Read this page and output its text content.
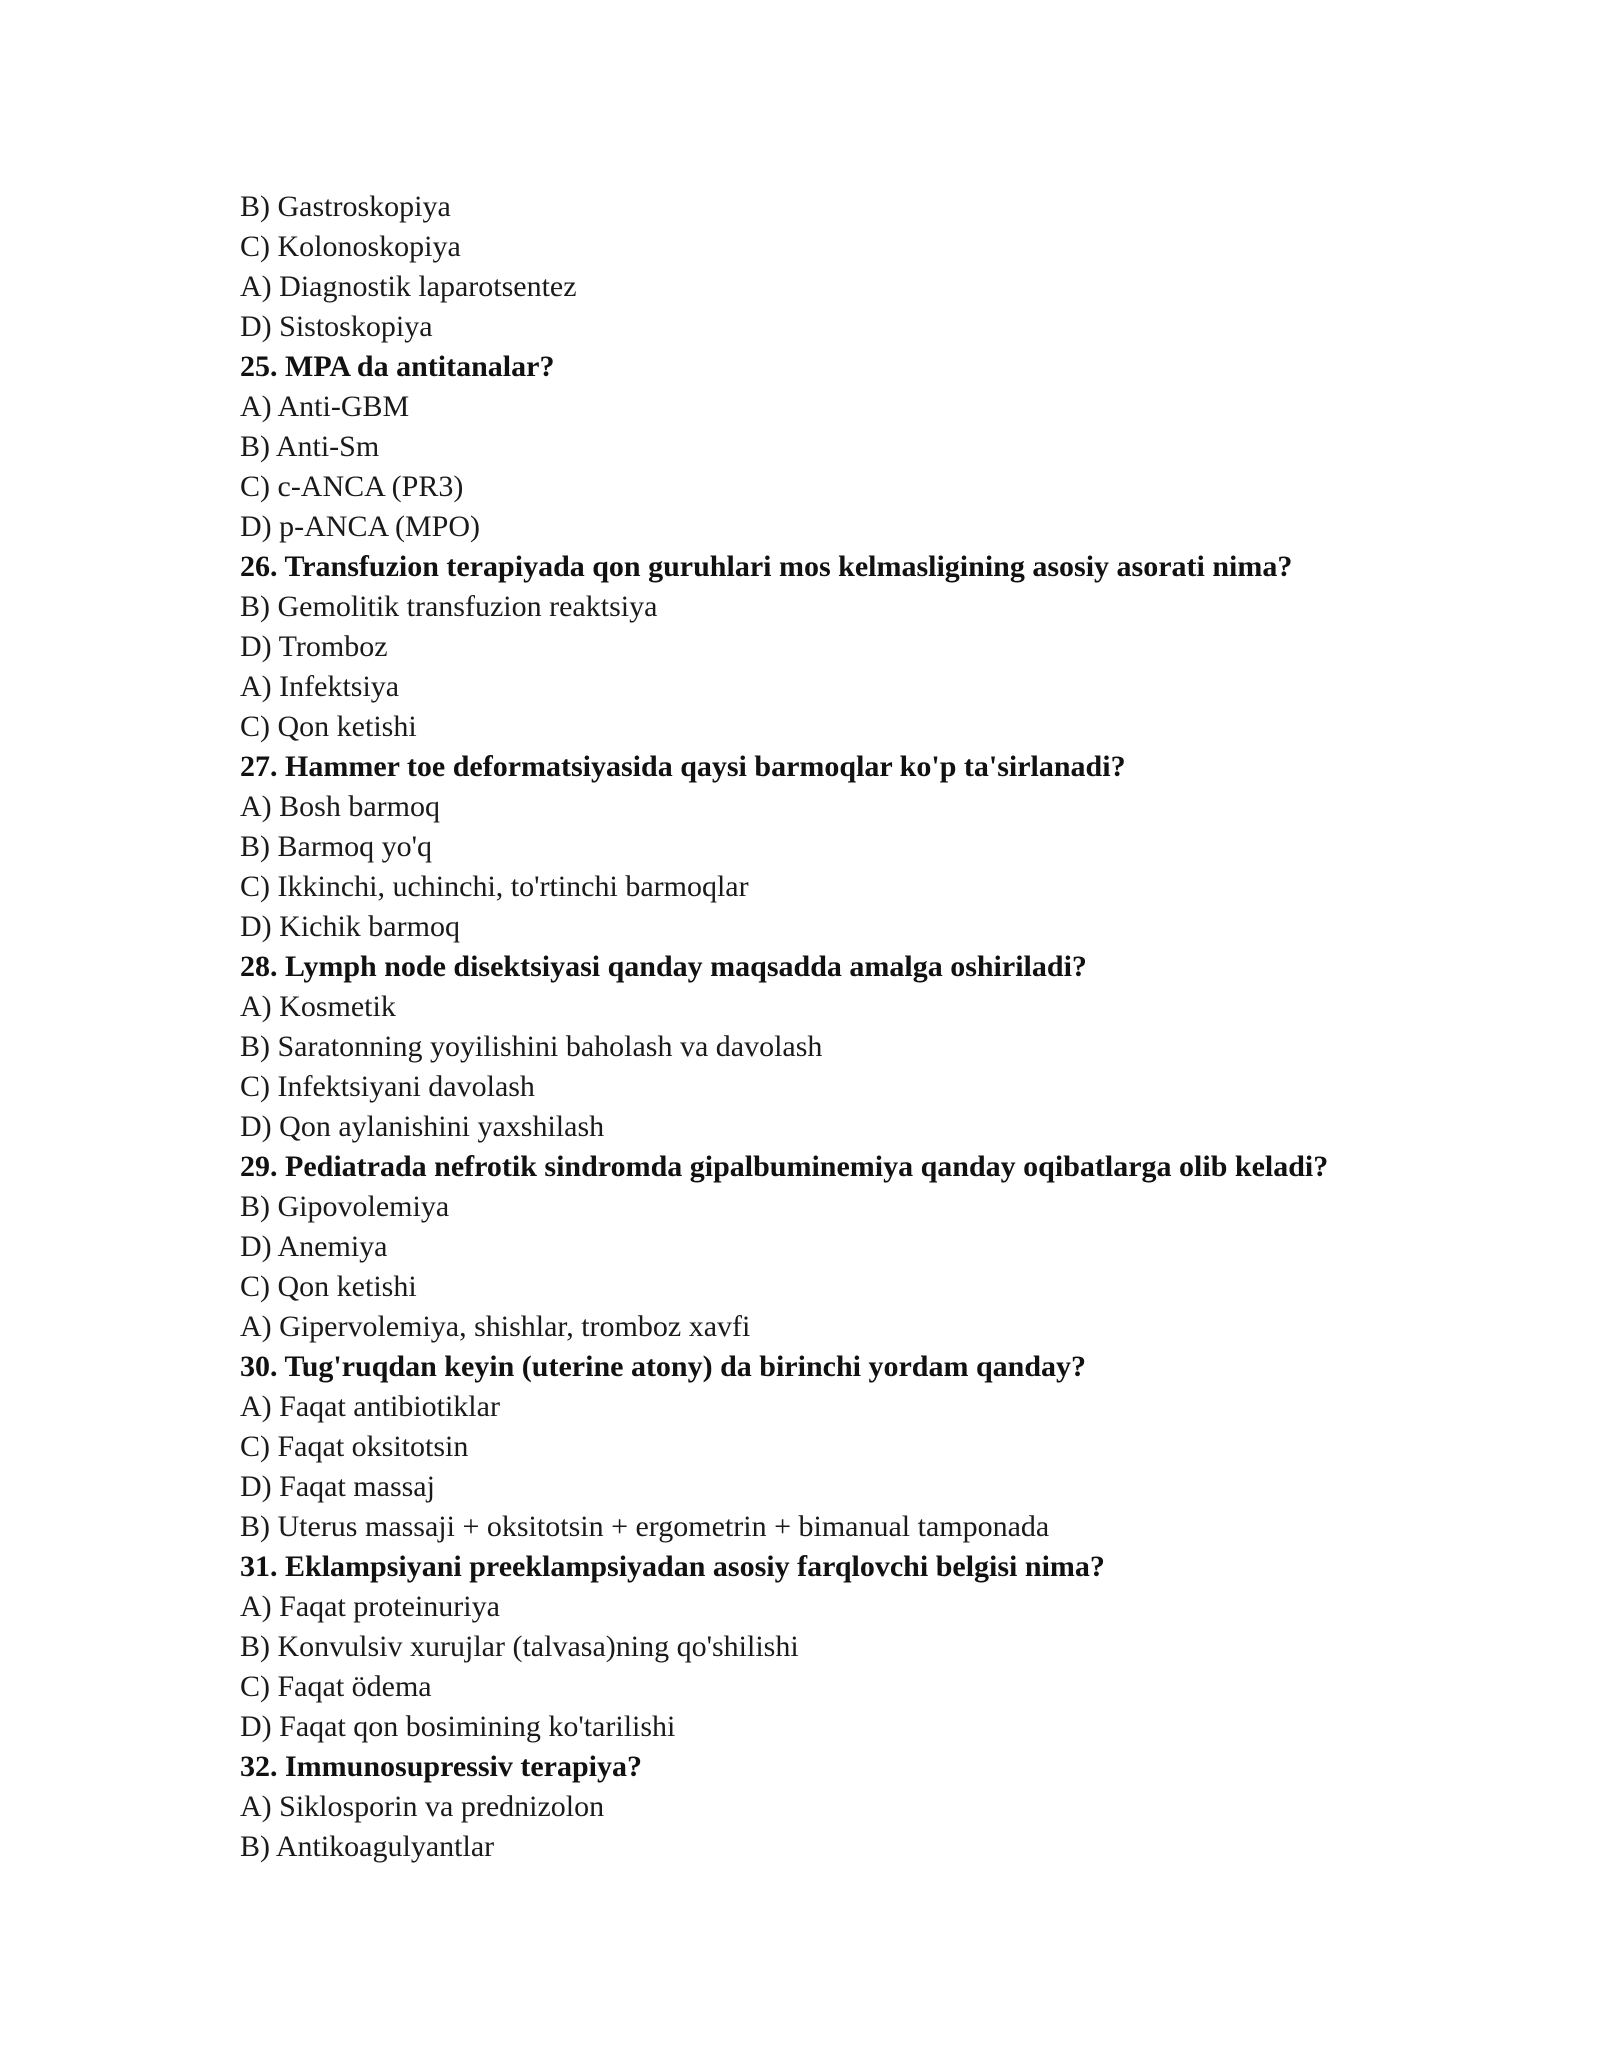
B) Gastroskopiya
C) Kolonoskopiya
A) Diagnostik laparotsentez
D) Sistoskopiya
25. MPA da antitanalar?
A) Anti-GBM
B) Anti-Sm
C) c-ANCA (PR3)
D) p-ANCA (MPO)
26. Transfuzion terapiyada qon guruhlari mos kelmasligining asosiy asorati nima?
B) Gemolitik transfuzion reaktsiya
D) Tromboz
A) Infektsiya
C) Qon ketishi
27. Hammer toe deformatsiyasida qaysi barmoqlar ko'p ta'sirlanadi?
A) Bosh barmoq
B) Barmoq yo'q
C) Ikkinchi, uchinchi, to'rtinchi barmoqlar
D) Kichik barmoq
28. Lymph node disektsiyasi qanday maqsadda amalga oshiriladi?
A) Kosmetik
B) Saratonning yoyilishini baholash va davolash
C) Infektsiyani davolash
D) Qon aylanishini yaxshilash
29. Pediatrada nefrotik sindromda gipalbuminemiya qanday oqibatlarga olib keladi?
B) Gipovolemiya
D) Anemiya
C) Qon ketishi
A) Gipervolemiya, shishlar, tromboz xavfi
30. Tug'ruqdan keyin (uterine atony) da birinchi yordam qanday?
A) Faqat antibiotiklar
C) Faqat oksitotsin
D) Faqat massaj
B) Uterus massaji + oksitotsin + ergometrin + bimanual tamponada
31. Eklampsiyani preeklampsiyadan asosiy farqlovchi belgisi nima?
A) Faqat proteinuriya
B) Konvulsiv xurujlar (talvasa)ning qo'shilishi
C) Faqat ödema
D) Faqat qon bosimining ko'tarilishi
32. Immunosupressiv terapiya?
A) Siklosporin va prednizolon
B) Antikoagulyantlar
